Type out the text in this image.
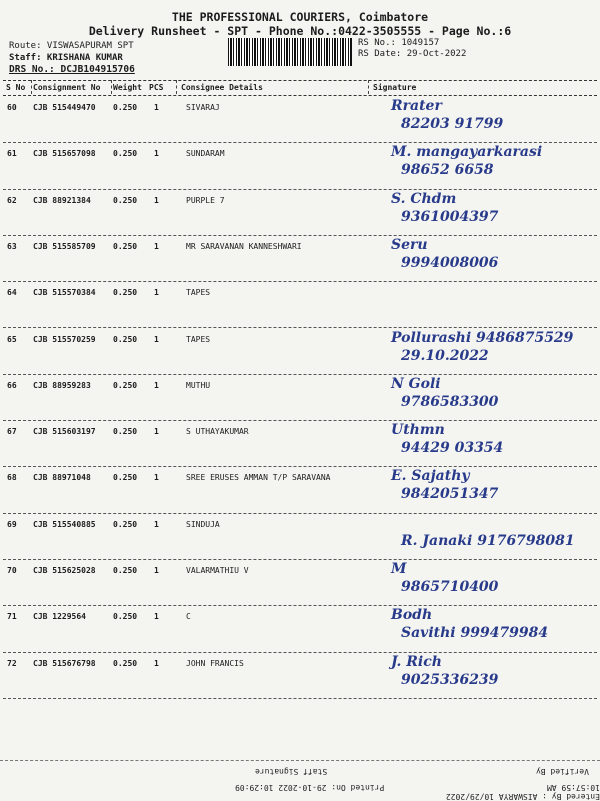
THE PROFESSIONAL COURIERS, Coimbatore
Delivery Runsheet - SPT - Phone No.:0422-3505555 - Page No.:6
Route: VISWASAPURAM SPT
Staff: KRISHANA KUMAR
RS No.: 1049157
RS Date: 29-Oct-2022
DRS No.: DCJB104915706
S No Consignment No Weight PCS Consignee Details	Signature
60 CJB 515449470 0.250 1	SIVARAJ	Rrater
82203 91799
61 CJB 515657098 0.250 1	SUNDARAM	M. mangayarkarasi
98652 6658
62 CJB 88921384	0.250 1	PURPLE 7	S. Chdm
9361004397
63 CJB 515585709 0.250 1	MR SARAVANAN KANNESHWARI	Seru
9994008006
64 CJB 515570384 0.250 1	TAPES
65 CJB 515570259 0.250 1	TAPES	Pollurashi 9486875529
29.10.2022
66 CJB 88959283	0.250 1	MUTHU	N Goli
9786583300
67 CJB 515603197 0.250 1	S UTHAYAKUMAR	Uthmn
94429 03354
68 CJB 88971048	0.250 1	SREE ERUSES AMMAN T/P SARAVANA	E. Sajathy
9842051347
69 CJB 515540885 0.250 1	SINDUJA
R. Janaki 9176798081
70 CJB 515625028 0.250 1	VALARMATHIU V	M
9865710400
71 CJB 1229564	0.250 1	C	Bodh
Savithi 999479984
72 CJB 515676798 0.250 1	JOHN FRANCIS	J. Rich
9025336239
Entered By : AISWARYA 10/29/2022 10:57:59 AM
Printed On: 29-10-2022 10:29:09
Staff Signature	Verified By
